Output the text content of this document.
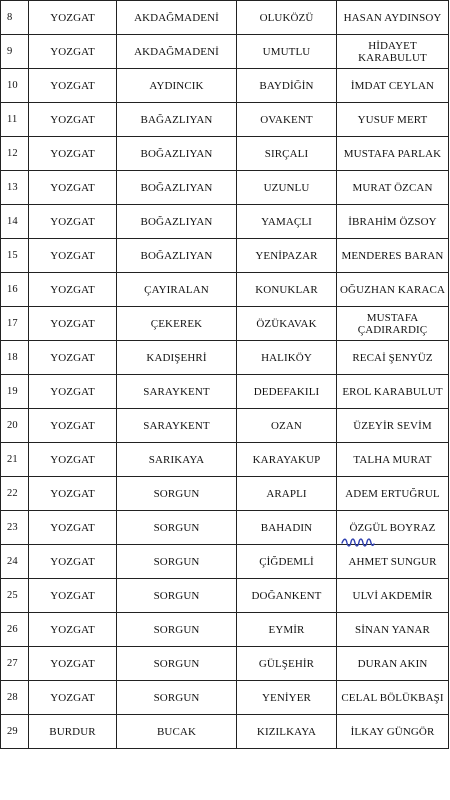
8	YOZGAT	AKDAĞMADENİ	OLUKÖZÜ	HASAN AYDINSOY
9	YOZGAT	AKDAĞMADENİ	UMUTLU	HİDAYET KARABULUT
10	YOZGAT	AYDINCIK	BAYDİĞİN	İMDAT CEYLAN
11	YOZGAT	BAĞAZLIYAN	OVAKENT	YUSUF MERT
12	YOZGAT	BOĞAZLIYAN	SIRÇALI	MUSTAFA PARLAK
13	YOZGAT	BOĞAZLIYAN	UZUNLU	MURAT ÖZCAN
14	YOZGAT	BOĞAZLIYAN	YAMAÇLI	İBRAHİM ÖZSOY
15	YOZGAT	BOĞAZLIYAN	YENİPAZAR	MENDERES BARAN
16	YOZGAT	ÇAYIRALAN	KONUKLAR	OĞUZHAN KARACA
17	YOZGAT	ÇEKEREK	ÖZÜKAVAK	MUSTAFA ÇADIRARDIÇ
18	YOZGAT	KADIŞEHRİ	HALIKÖY	RECAİ ŞENYÜZ
19	YOZGAT	SARAYKENT	DEDEFAKILI	EROL KARABULUT
20	YOZGAT	SARAYKENT	OZAN	ÜZEYİR SEVİM
21	YOZGAT	SARIKAYA	KARAYAKUP	TALHA MURAT
22	YOZGAT	SORGUN	ARAPLI	ADEM ERTUĞRUL
23	YOZGAT	SORGUN	BAHADIN	ÖZGÜL BOYRAZ
24	YOZGAT	SORGUN	ÇİĞDEMLİ	AHMET SUNGUR
25	YOZGAT	SORGUN	DOĞANKENT	ULVİ AKDEMİR
26	YOZGAT	SORGUN	EYMİR	SİNAN YANAR
27	YOZGAT	SORGUN	GÜLŞEHİR	DURAN AKIN
28	YOZGAT	SORGUN	YENİYER	CELAL BÖLÜKBAŞI
29	BURDUR	BUCAK	KIZILKAYA	İLKAY GÜNGÖR
